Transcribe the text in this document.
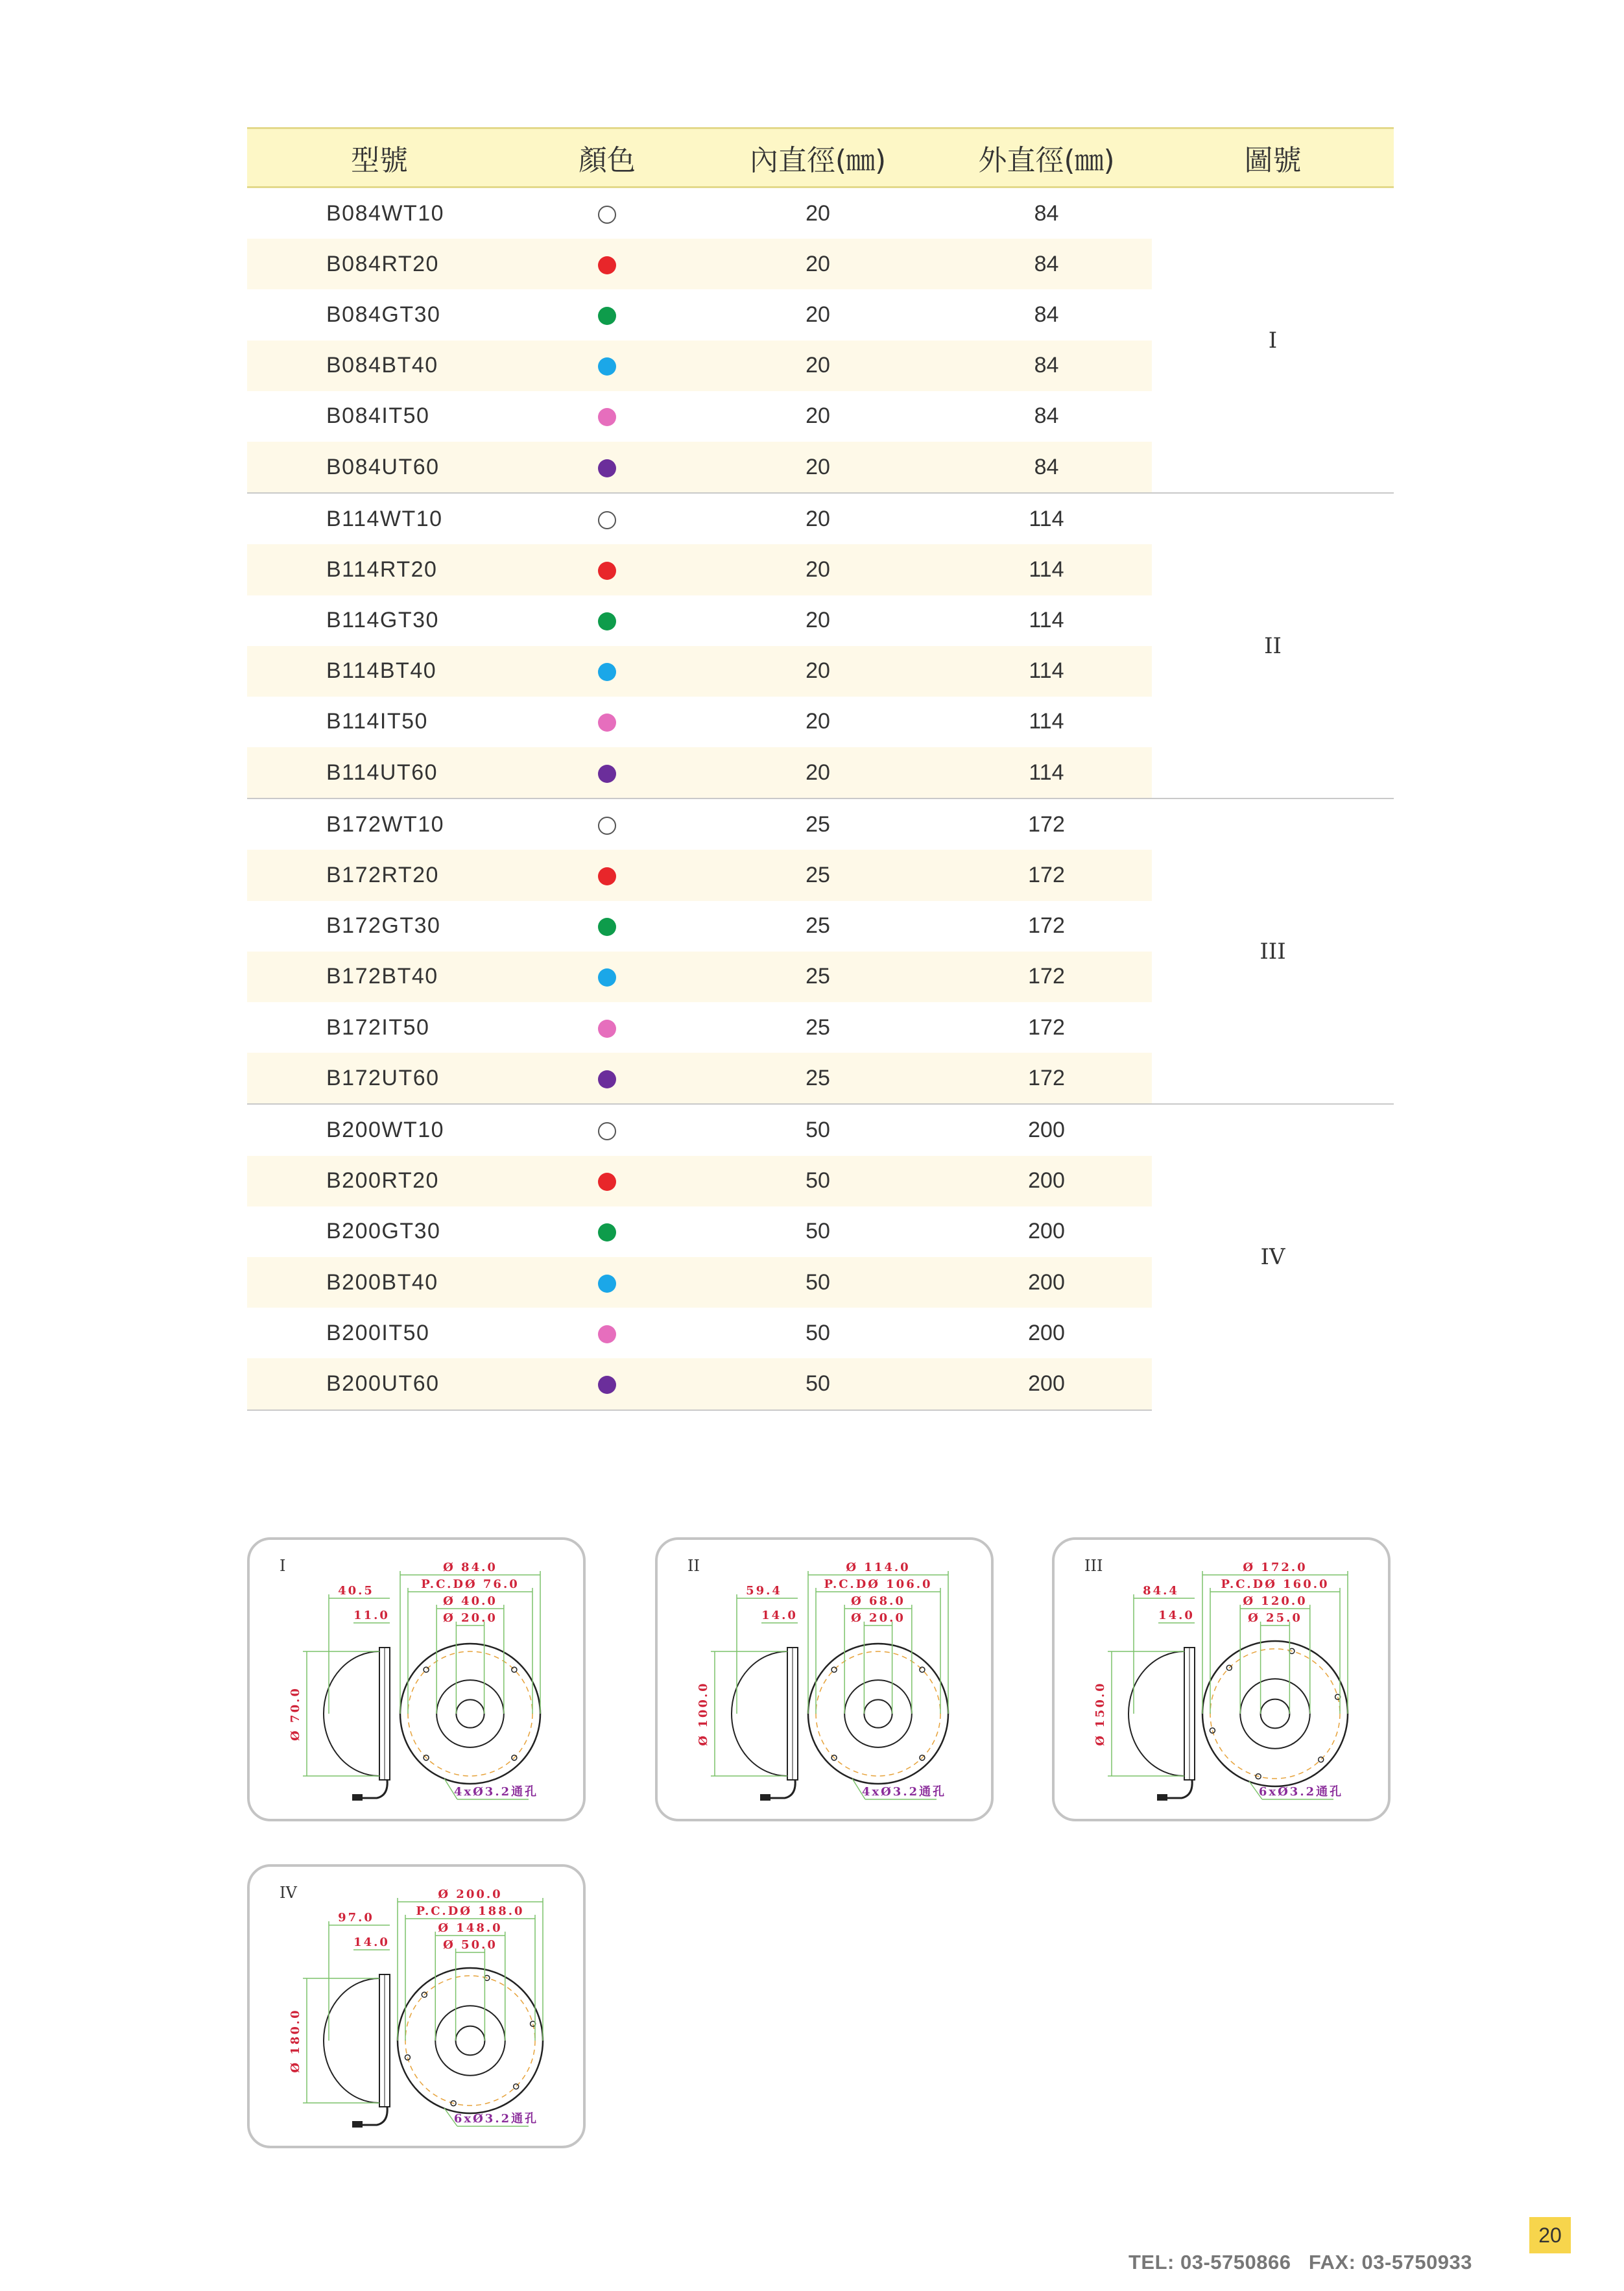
型號	顏色	內直徑(㎜)	外直徑(㎜)	圖號
B084WT10		20	84	I
B084RT20		20	84	
B084GT30		20	84	
B084BT40		20	84	
B084IT50		20	84	
B084UT60		20	84	
B114WT10		20	114	II
B114RT20		20	114	
B114GT30		20	114	
B114BT40		20	114	
B114IT50		20	114	
B114UT60		20	114	
B172WT10		25	172	III
B172RT20		25	172	
B172GT30		25	172	
B172BT40		25	172	
B172IT50		25	172	
B172UT60		25	172	
B200WT10		50	200	IV
B200RT20		50	200	
B200GT30		50	200	
B200BT40		50	200	
B200IT50		50	200	
B200UT60		50	200	
I	Ø 84.0
P.C.DØ 76.0
Ø 40.0
Ø 20.0
40.5
11.0
Ø 70.0
4xØ3.2通孔
II	Ø 114.0
P.C.DØ 106.0
Ø 68.0
Ø 20.0
59.4
14.0
Ø 100.0
4xØ3.2通孔
III	Ø 172.0
P.C.DØ 160.0
Ø 120.0
Ø 25.0
84.4
14.0
Ø 150.0
6xØ3.2通孔
IV	Ø 200.0
P.C.DØ 188.0
Ø 148.0
Ø 50.0
97.0
14.0
Ø 180.0
6xØ3.2通孔
20
TEL: 03-5750866   FAX: 03-5750933
